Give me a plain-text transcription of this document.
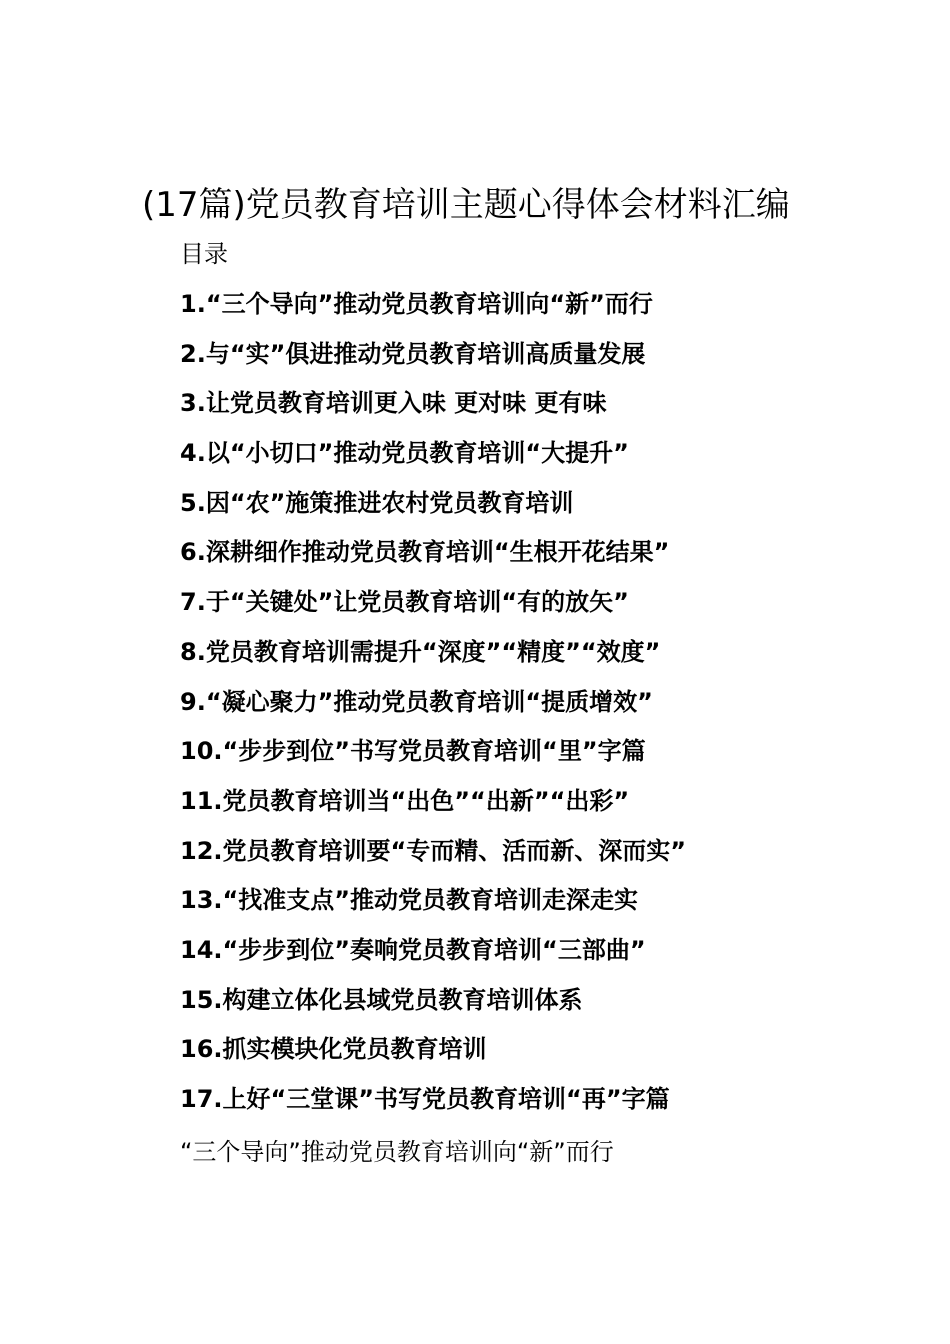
(17篇)党员教育培训主题心得体会材料汇编
目录
1.“三个导向”推动党员教育培训向“新”而行
2.与“实”俱进推动党员教育培训高质量发展
3.让党员教育培训更入味 更对味 更有味
4.以“小切口”推动党员教育培训“大提升”
5.因“农”施策推进农村党员教育培训
6.深耕细作推动党员教育培训“生根开花结果”
7.于“关键处”让党员教育培训“有的放矢”
8.党员教育培训需提升“深度”“精度”“效度”
9.“凝心聚力”推动党员教育培训“提质增效”
10.“步步到位”书写党员教育培训“里”字篇
11.党员教育培训当“出色”“出新”“出彩”
12.党员教育培训要“专而精、活而新、深而实”
13.“找准支点”推动党员教育培训走深走实
14.“步步到位”奏响党员教育培训“三部曲”
15.构建立体化县域党员教育培训体系
16.抓实模块化党员教育培训
17.上好“三堂课”书写党员教育培训“再”字篇
“三个导向”推动党员教育培训向“新”而行
